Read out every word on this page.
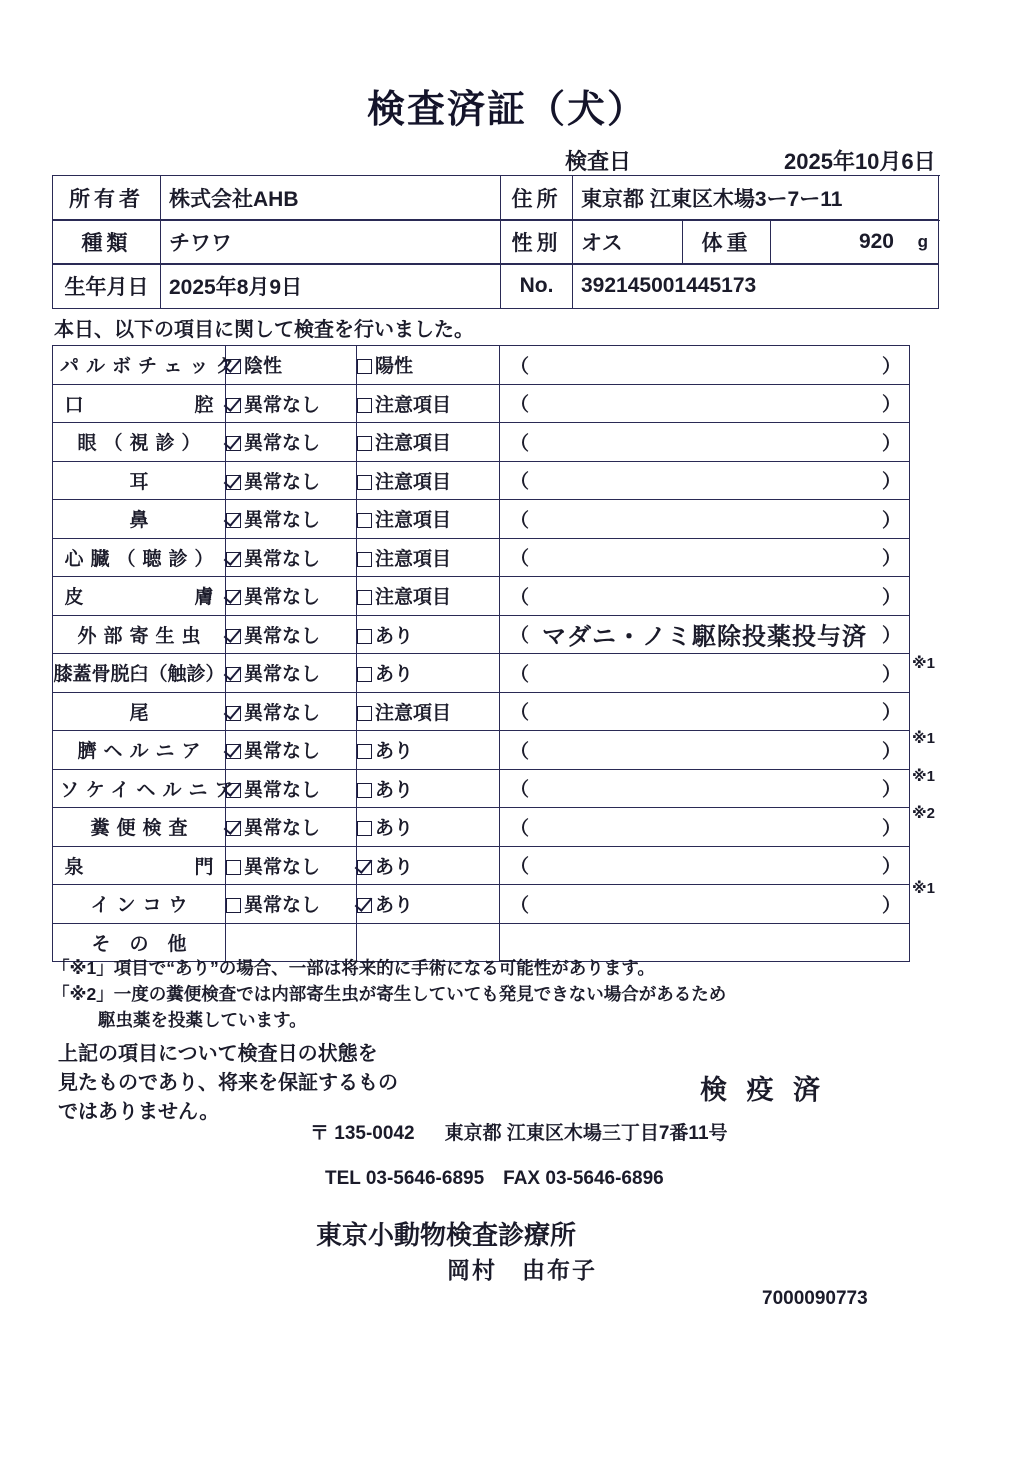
検査済証（犬）
検査日	2025年10月6日
所有者	株式会社AHB	住所	東京都 江東区木場3ー7ー11
種類	チワワ	性別	オス	体重	920	g
生年月日	2025年8月9日	No.	392145001445173
本日、以下の項目に関して検査を行いました。
パルボチェック	陰性	陽性	（ ）

口　　　　腔	異常なし	注意項目	（ ）

眼（視診）	異常なし	注意項目	（ ）

耳	異常なし	注意項目	（ ）

鼻	異常なし	注意項目	（ ）

心臓（聴診）	異常なし	注意項目	（ ）

皮　　　　膚	異常なし	注意項目	（ ）

外部寄生虫	異常なし	あり	（ マダニ・ノミ駆除投薬投与済 ）

膝蓋骨脱臼（触診）	異常なし	あり	（ ）

尾	異常なし	注意項目	（ ）

臍ヘルニア	異常なし	あり	（ ）

ソケイヘルニア	異常なし	あり	（ ）

糞便検査	異常なし	あり	（ ）

泉　　　　門	異常なし	あり	（ ）

インコウ	異常なし	あり	（ ）

そ　の　他			
※1
※1
※1
※2
※1
「※1」項目で“あり”の場合、一部は将来的に手術になる可能性があります。
「※2」一度の糞便検査では内部寄生虫が寄生していても発見できない場合があるため
駆虫薬を投薬しています。
上記の項目について検査日の状態を
見たものであり、将来を保証するもの
ではありません。
検 疫 済
〒 135-0042 東京都 江東区木場三丁目7番11号
TEL 03-5646-6895　FAX 03-5646-6896
東京小動物検査診療所
岡村　由布子
7000090773
